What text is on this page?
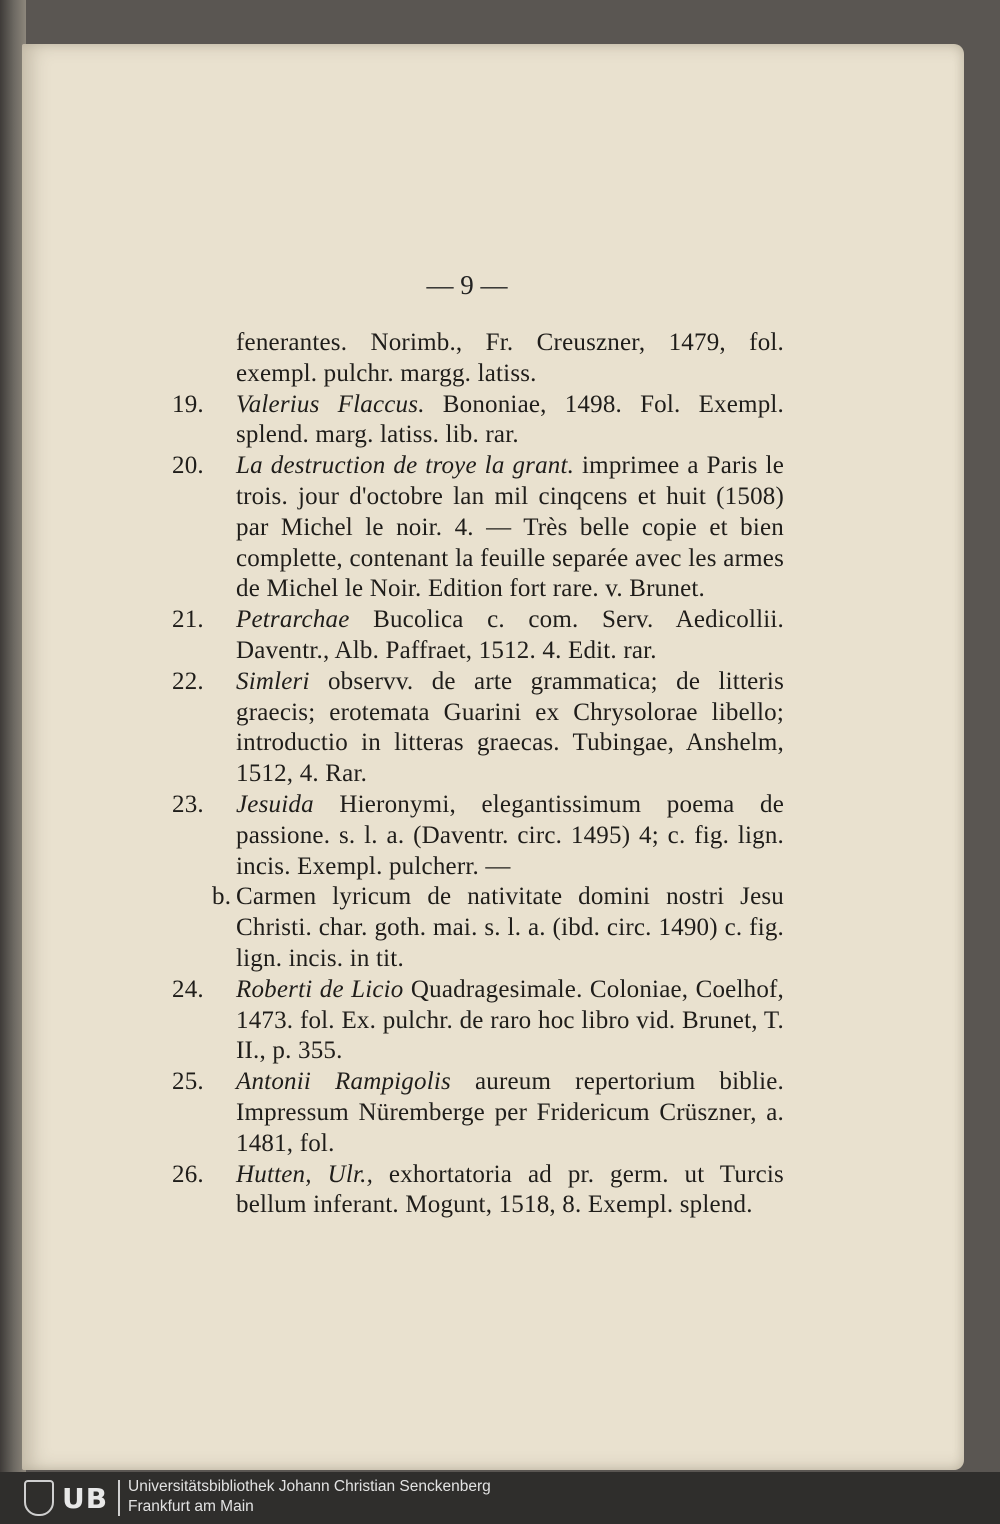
— 9 —
fenerantes. Norimb., Fr. Creuszner, 1479, fol. exempl. pulchr. margg. latiss.
19.	Valerius Flaccus. Bononiae, 1498. Fol. Exempl. splend. marg. latiss. lib. rar.
20.	La destruction de troye la grant. imprimee a Paris le trois. jour d'octobre lan mil cinqcens et huit (1508) par Michel le noir. 4. — Très belle copie et bien complette, contenant la feuille separée avec les armes de Michel le Noir. Edition fort rare. v. Brunet.
21.	Petrarchae Bucolica c. com. Serv. Aedicollii. Daventr., Alb. Paffraet, 1512. 4. Edit. rar.
22.	Simleri observv. de arte grammatica; de litteris graecis; erotemata Guarini ex Chrysolorae libello; introductio in litteras graecas. Tubingae, Anshelm, 1512, 4. Rar.
23.	Jesuida Hieronymi, elegantissimum poema de passione. s. l. a. (Daventr. circ. 1495) 4; c. fig. lign. incis. Exempl. pulcherr. —
b. Carmen lyricum de nativitate domini nostri Jesu Christi. char. goth. mai. s. l. a. (ibd. circ. 1490) c. fig. lign. incis. in tit.
24.	Roberti de Licio Quadragesimale. Coloniae, Coelhof, 1473. fol. Ex. pulchr. de raro hoc libro vid. Brunet, T. II., p. 355.
25.	Antonii Rampigolis aureum repertorium biblie. Impressum Nüremberge per Fridericum Crüszner, a. 1481, fol.
26.	Hutten, Ulr., exhortatoria ad pr. germ. ut Turcis bellum inferant. Mogunt, 1518, 8. Exempl. splend.
UB Universitätsbibliothek Johann Christian Senckenberg
Frankfurt am Main
